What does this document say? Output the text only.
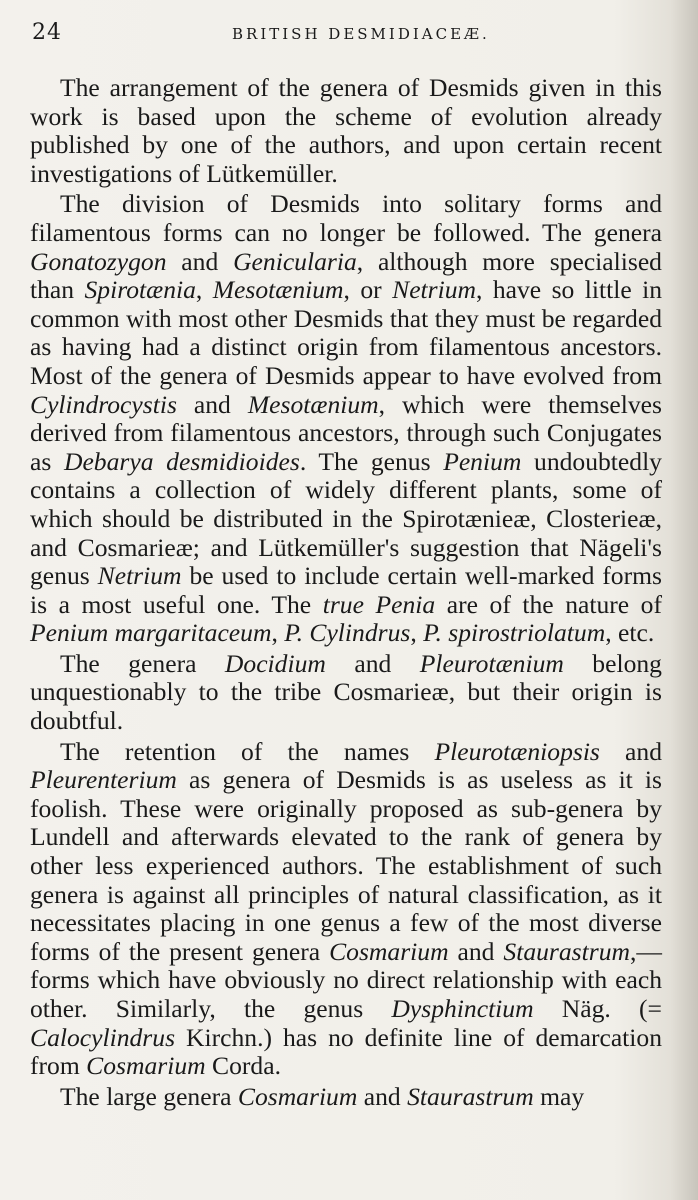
24	BRITISH DESMIDIACEÆ.

The arrangement of the genera of Desmids given in this work is based upon the scheme of evolution already published by one of the authors, and upon certain recent investigations of Lütkemüller.

The division of Desmids into solitary forms and filamentous forms can no longer be followed. The genera Gonatozygon and Genicularia, although more specialised than Spirotænia, Mesotænium, or Netrium, have so little in common with most other Desmids that they must be regarded as having had a distinct origin from filamentous ancestors. Most of the genera of Desmids appear to have evolved from Cylindrocystis and Mesotænium, which were themselves derived from filamentous ancestors, through such Conjugates as Debarya desmidioides. The genus Penium undoubtedly contains a collection of widely different plants, some of which should be distributed in the Spirotænieæ, Closterieæ, and Cosmarieæ; and Lütkemüller's suggestion that Nägeli's genus Netrium be used to include certain well-marked forms is a most useful one. The true Penia are of the nature of Penium margaritaceum, P. Cylindrus, P. spirostriolatum, etc.

The genera Docidium and Pleurotænium belong unquestionably to the tribe Cosmarieæ, but their origin is doubtful.

The retention of the names Pleurotæniopsis and Pleurenterium as genera of Desmids is as useless as it is foolish. These were originally proposed as sub-genera by Lundell and afterwards elevated to the rank of genera by other less experienced authors. The establishment of such genera is against all principles of natural classification, as it necessitates placing in one genus a few of the most diverse forms of the present genera Cosmarium and Staurastrum,—forms which have obviously no direct relationship with each other. Similarly, the genus Dysphinctium Näg. (= Calocylindrus Kirchn.) has no definite line of demarcation from Cosmarium Corda.

The large genera Cosmarium and Staurastrum may
